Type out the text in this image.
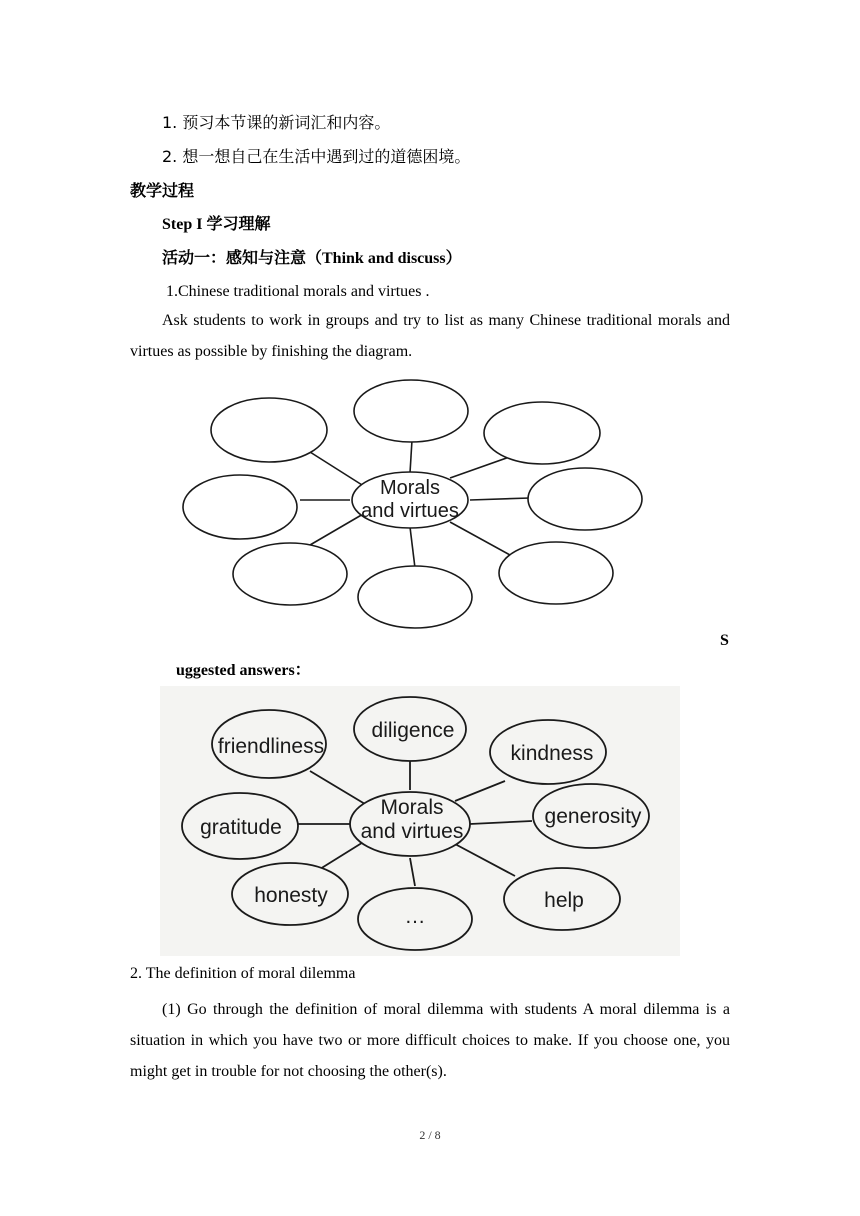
1. 预习本节课的新词汇和内容。
2. 想一想自己在生活中遇到过的道德困境。
教学过程
Step I 学习理解
活动一：感知与注意（Think and discuss）
1.Chinese traditional morals and virtues .
Ask students to work in groups and try to list as many Chinese traditional morals and virtues as possible by finishing the diagram.
Morals
and virtues
S
uggested answers：
Morals
and virtues
friendliness
diligence
kindness
gratitude	generosity
honesty
…
help
2. The definition of moral dilemma
(1) Go through the definition of moral dilemma with students A moral dilemma is a situation in which you have two or more difficult choices to make. If you choose one, you might get in trouble for not choosing the other(s).
2 / 8
